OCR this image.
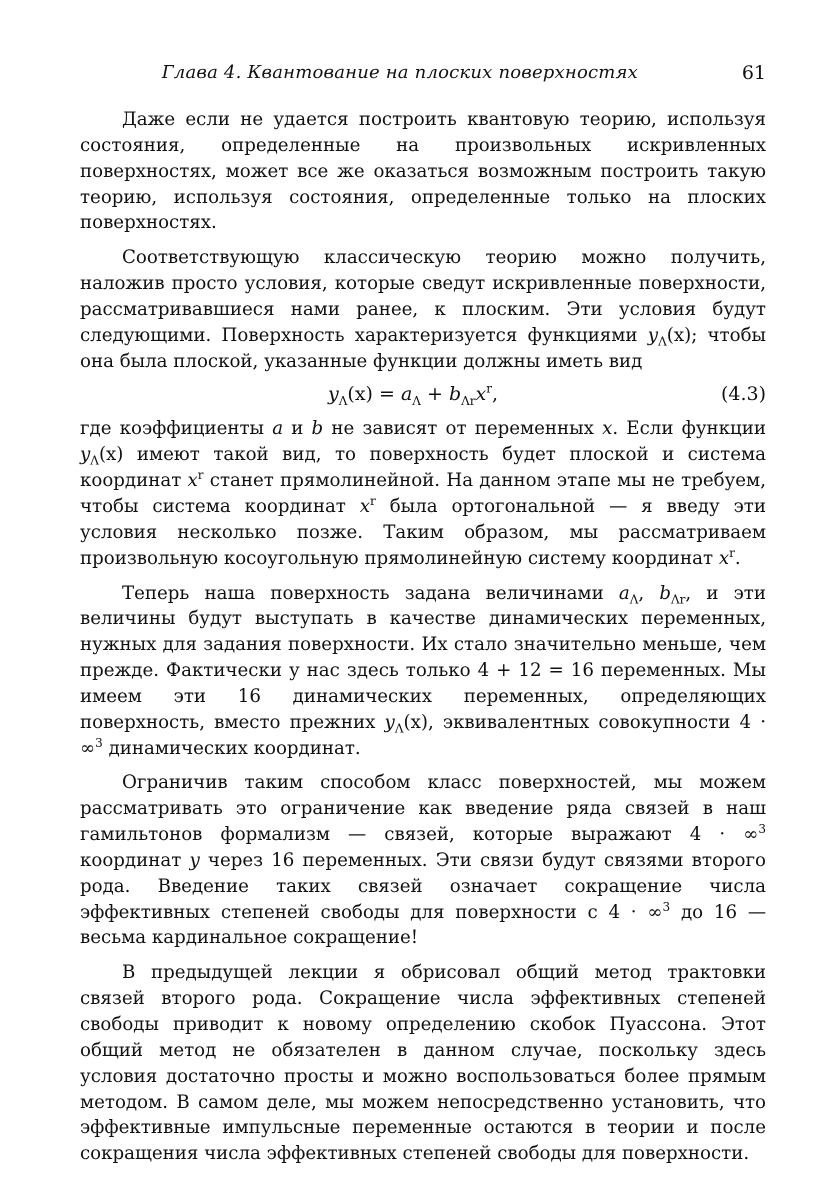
Глава 4. Квантование на плоских поверхностях	61

Даже если не удается построить квантовую теорию, используя состояния, определенные на произвольных искривленных поверхностях, может все же оказаться возможным построить такую теорию, используя состояния, определенные только на плоских поверхностях.

Соответствующую классическую теорию можно получить, наложив просто условия, которые сведут искривленные поверхности, рассматривавшиеся нами ранее, к плоским. Эти условия будут следующими. Поверхность характеризуется функциями $y_\Lambda(x)$; чтобы она была плоской, указанные функции должны иметь вид

$y_\Lambda(x) = a_\Lambda + b_{\Lambda r}x^r$,	(4.3)

где коэффициенты a и b не зависят от переменных x. Если функции $y_\Lambda(x)$ имеют такой вид, то поверхность будет плоской и система координат $x^r$ станет прямолинейной. На данном этапе мы не требуем, чтобы система координат $x^r$ была ортогональной — я введу эти условия несколько позже. Таким образом, мы рассматриваем произвольную косоугольную прямолинейную систему координат $x^r$.

Теперь наша поверхность задана величинами $a_\Lambda$, $b_{\Lambda r}$, и эти величины будут выступать в качестве динамических переменных, нужных для задания поверхности. Их стало значительно меньше, чем прежде. Фактически у нас здесь только 4 + 12 = 16 переменных. Мы имеем эти 16 динамических переменных, определяющих поверхность, вместо прежних $y_\Lambda(x)$, эквивалентных совокупности 4 · ∞$^3$ динамических координат.

Ограничив таким способом класс поверхностей, мы можем рассматривать это ограничение как введение ряда связей в наш гамильтонов формализм — связей, которые выражают 4 · ∞$^3$ координат y через 16 переменных. Эти связи будут связями второго рода. Введение таких связей означает сокращение числа эффективных степеней свободы для поверхности с 4 · ∞$^3$ до 16 — весьма кардинальное сокращение!

В предыдущей лекции я обрисовал общий метод трактовки связей второго рода. Сокращение числа эффективных степеней свободы приводит к новому определению скобок Пуассона. Этот общий метод не обязателен в данном случае, поскольку здесь условия достаточно просты и можно воспользоваться более прямым методом. В самом деле, мы можем непосредственно установить, что эффективные импульсные переменные остаются в теории и после сокращения числа эффективных степеней свободы для поверхности.
